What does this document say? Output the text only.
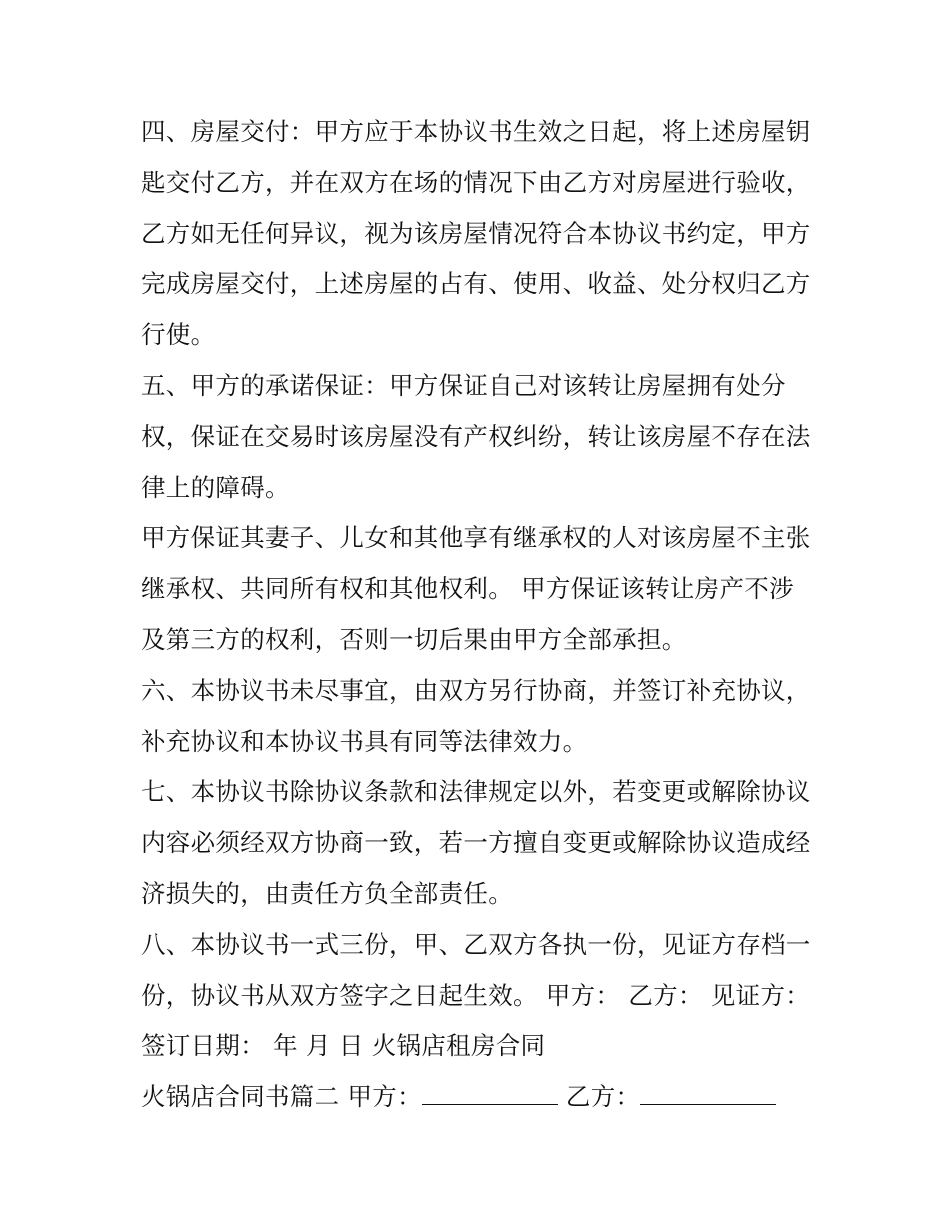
四、房屋交付：甲方应于本协议书生效之日起，将上述房屋钥
匙交付乙方，并在双方在场的情况下由乙方对房屋进行验收，
乙方如无任何异议，视为该房屋情况符合本协议书约定，甲方
完成房屋交付，上述房屋的占有、使用、收益、处分权归乙方
行使。
五、甲方的承诺保证：甲方保证自己对该转让房屋拥有处分
权，保证在交易时该房屋没有产权纠纷，转让该房屋不存在法
律上的障碍。
甲方保证其妻子、儿女和其他享有继承权的人对该房屋不主张
继承权、共同所有权和其他权利。 甲方保证该转让房产不涉
及第三方的权利，否则一切后果由甲方全部承担。
六、本协议书未尽事宜，由双方另行协商，并签订补充协议，
补充协议和本协议书具有同等法律效力。
七、本协议书除协议条款和法律规定以外，若变更或解除协议
内容必须经双方协商一致，若一方擅自变更或解除协议造成经
济损失的，由责任方负全部责任。
八、本协议书一式三份，甲、乙双方各执一份，见证方存档一
份，协议书从双方签字之日起生效。 甲方： 乙方： 见证方：
签订日期： 年 月 日 火锅店租房合同
火锅店合同书篇二 甲方：	乙方：
